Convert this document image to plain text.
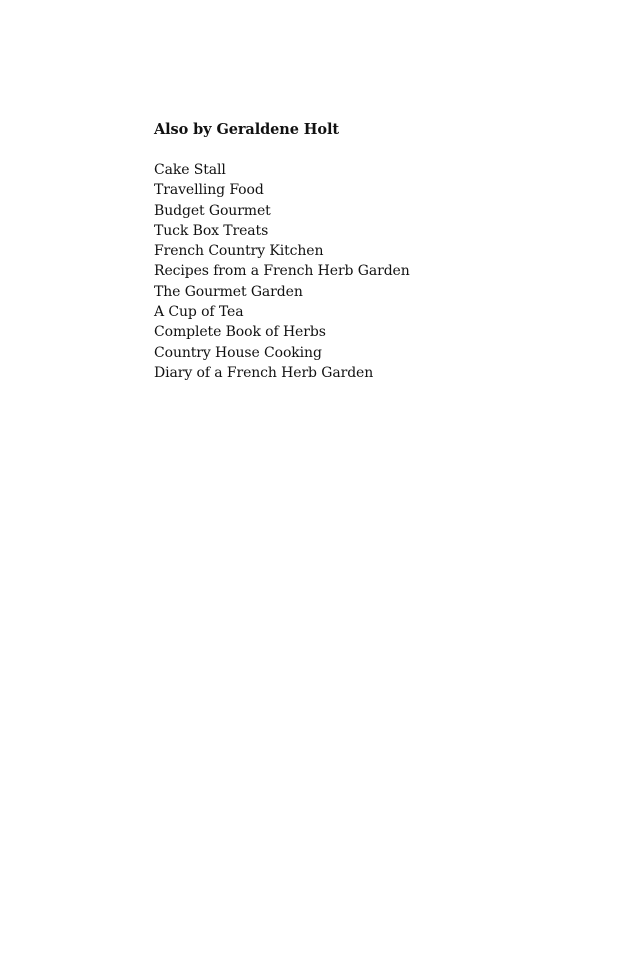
Also by Geraldene Holt
Cake Stall
Travelling Food
Budget Gourmet
Tuck Box Treats
French Country Kitchen
Recipes from a French Herb Garden
The Gourmet Garden
A Cup of Tea
Complete Book of Herbs
Country House Cooking
Diary of a French Herb Garden
